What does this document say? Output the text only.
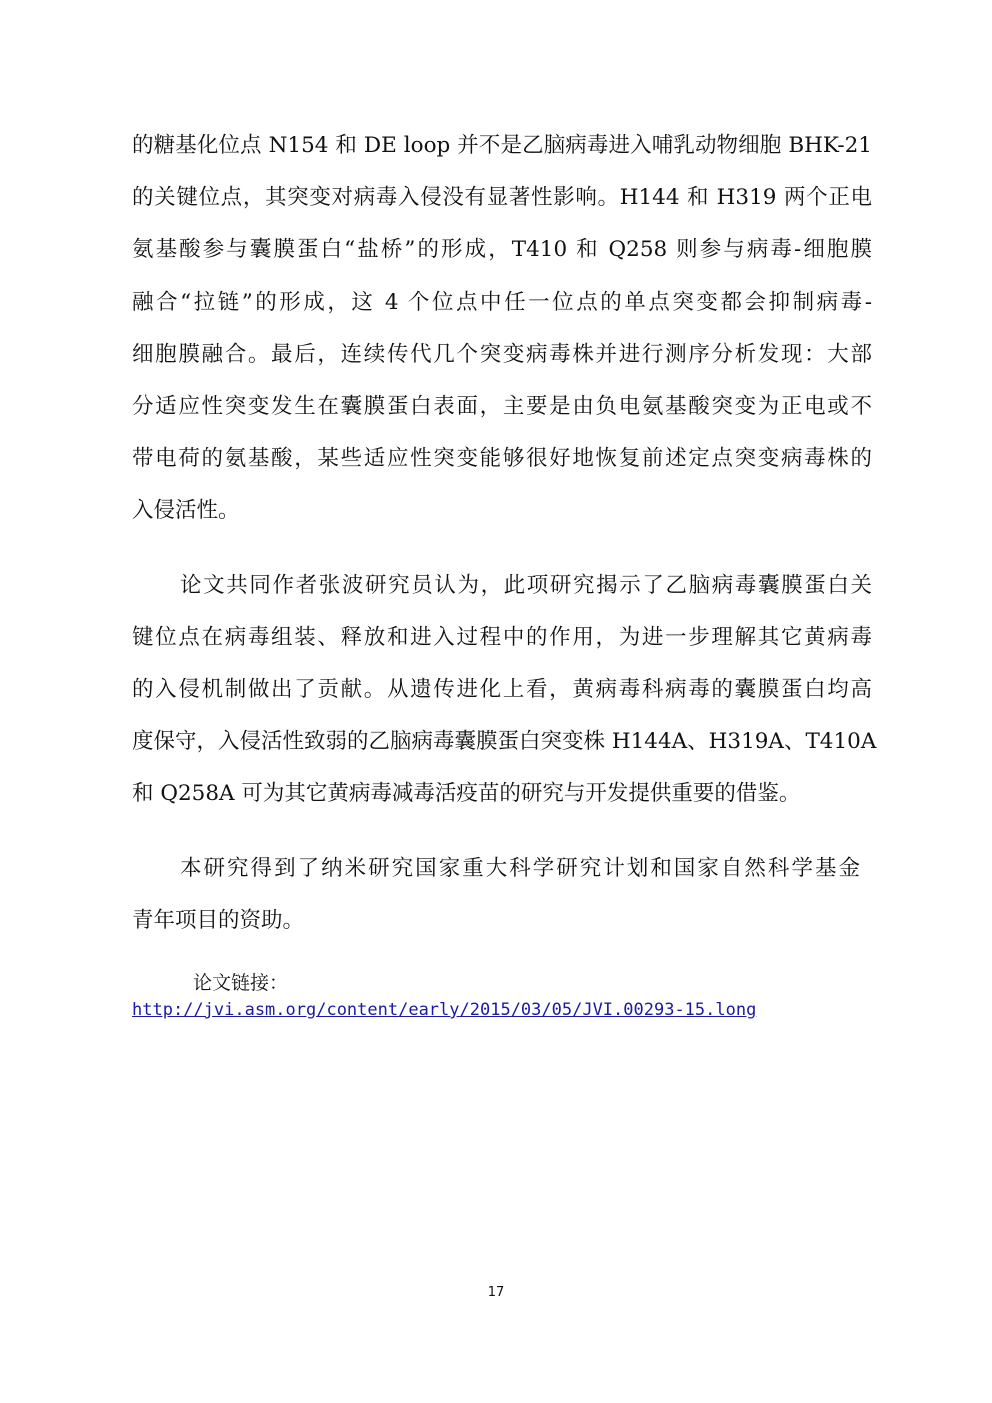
的糖基化位点 N154 和 DE loop 并不是乙脑病毒进入哺乳动物细胞 BHK-21
的关键位点，其突变对病毒入侵没有显著性影响。H144 和 H319 两个正电
氨基酸参与囊膜蛋白“盐桥”的形成，T410 和 Q258 则参与病毒-细胞膜
融合“拉链”的形成，这 4 个位点中任一位点的单点突变都会抑制病毒-
细胞膜融合。最后，连续传代几个突变病毒株并进行测序分析发现：大部
分适应性突变发生在囊膜蛋白表面，主要是由负电氨基酸突变为正电或不
带电荷的氨基酸，某些适应性突变能够很好地恢复前述定点突变病毒株的
入侵活性。
论文共同作者张波研究员认为，此项研究揭示了乙脑病毒囊膜蛋白关
键位点在病毒组装、释放和进入过程中的作用，为进一步理解其它黄病毒
的入侵机制做出了贡献。从遗传进化上看，黄病毒科病毒的囊膜蛋白均高
度保守，入侵活性致弱的乙脑病毒囊膜蛋白突变株 H144A、H319A、T410A
和 Q258A 可为其它黄病毒减毒活疫苗的研究与开发提供重要的借鉴。
本研究得到了纳米研究国家重大科学研究计划和国家自然科学基金
青年项目的资助。
论文链接：
http://jvi.asm.org/content/early/2015/03/05/JVI.00293-15.long
17
